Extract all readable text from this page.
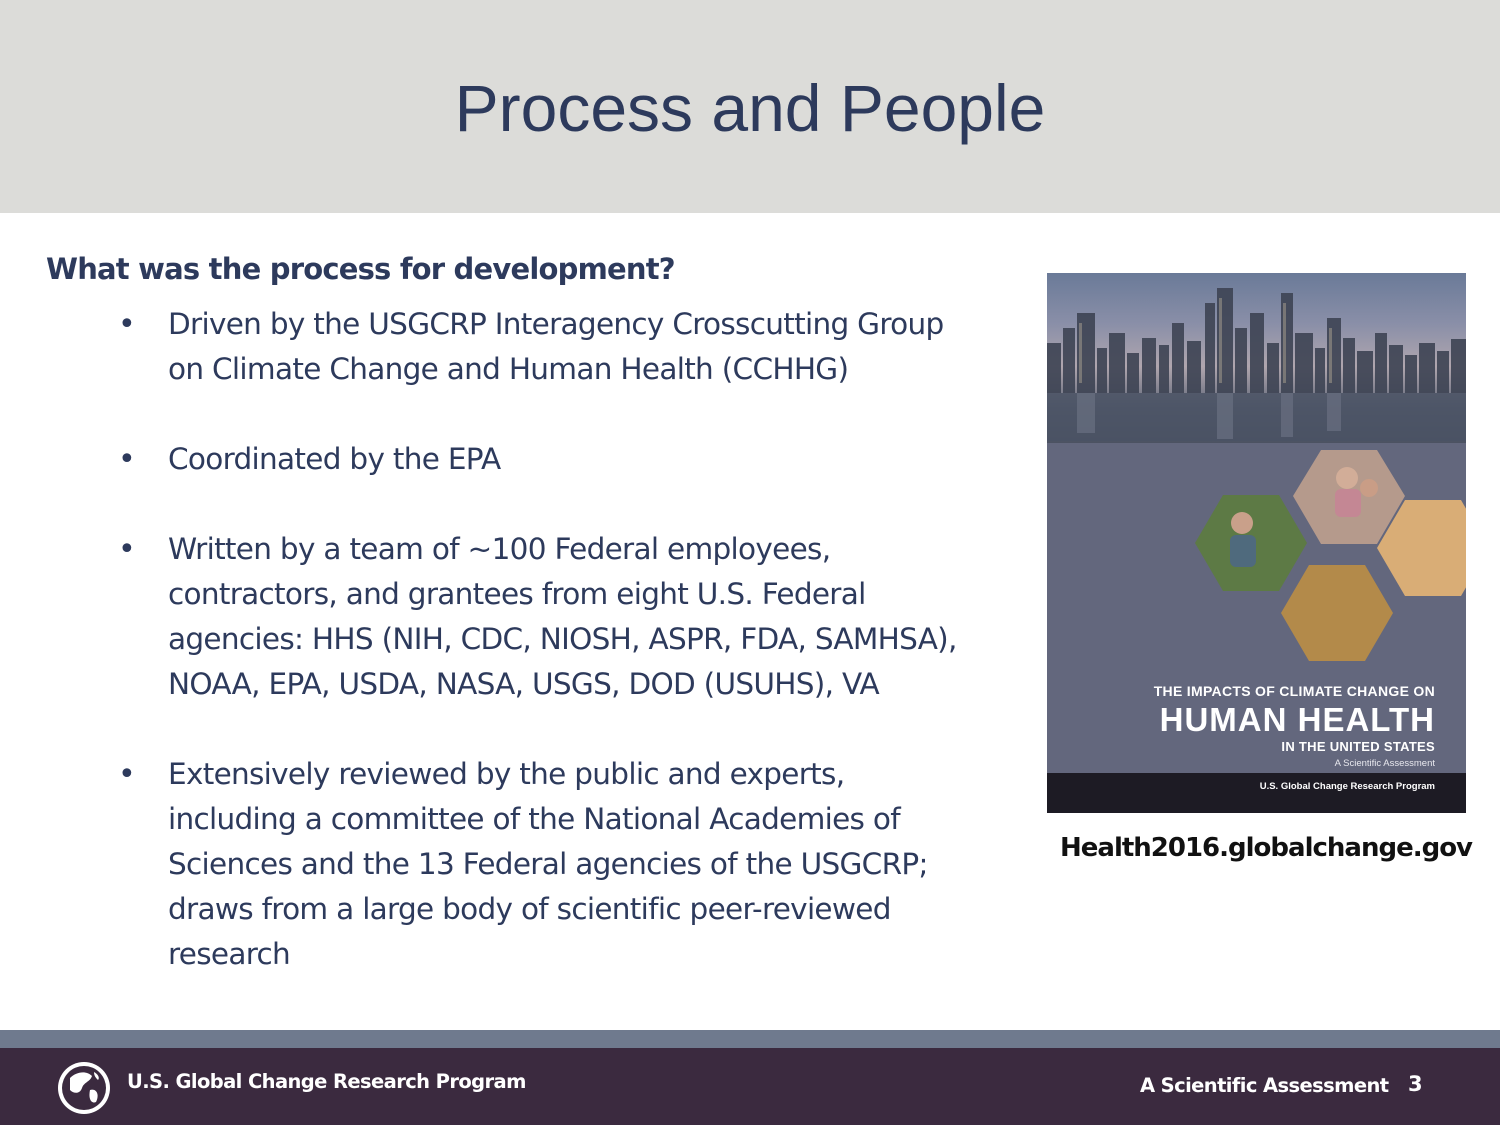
Process and People
What was the process for development?
• Driven by the USGCRP Interagency Crosscutting Group
on Climate Change and Human Health (CCHHG)
• Coordinated by the EPA
• Written by a team of ~100 Federal employees,
contractors, and grantees from eight U.S. Federal
agencies: HHS (NIH, CDC, NIOSH, ASPR, FDA, SAMHSA),
NOAA, EPA, USDA, NASA, USGS, DOD (USUHS), VA
• Extensively reviewed by the public and experts,
including a committee of the National Academies of
Sciences and the 13 Federal agencies of the USGCRP;
draws from a large body of scientific peer-reviewed
research
THE IMPACTS OF CLIMATE CHANGE ON
HUMAN HEALTH
IN THE UNITED STATES
A Scientific Assessment
U.S. Global Change Research Program
Health2016.globalchange.gov
U.S. Global Change Research Program	A Scientific Assessment 3
